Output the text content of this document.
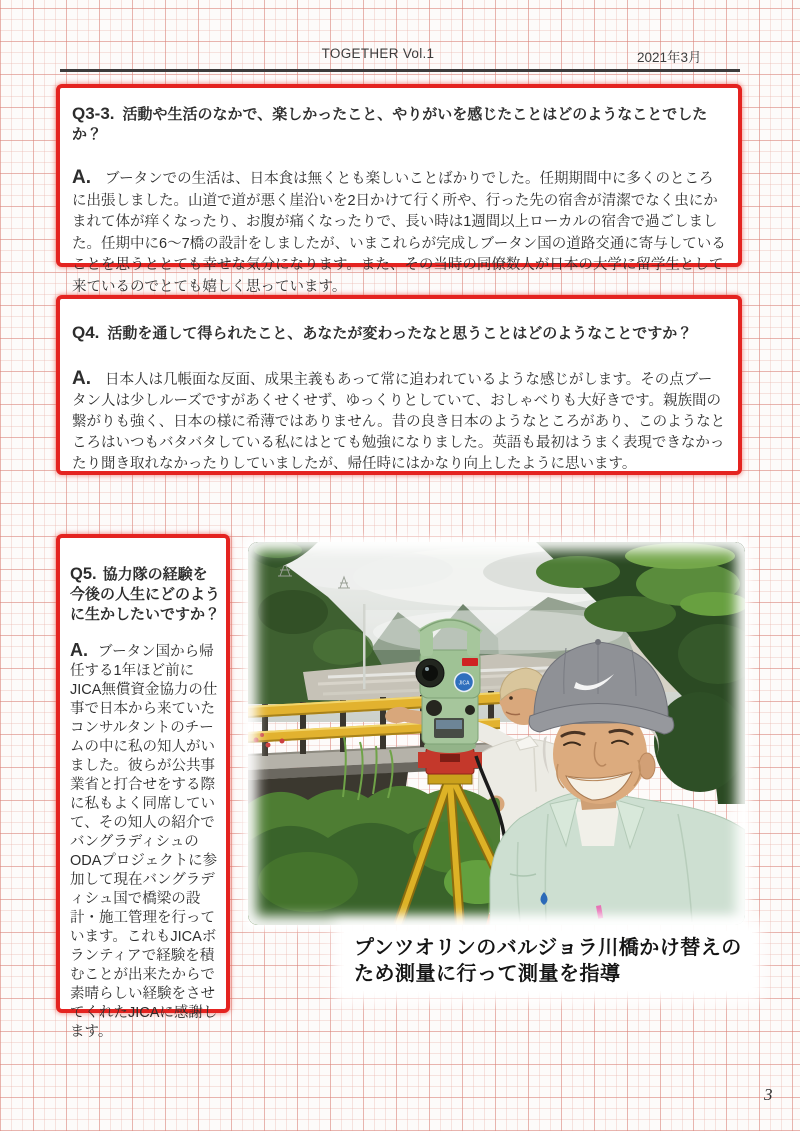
TOGETHER Vol.1	2021年3月

Q3-3. 活動や生活のなかで、楽しかったこと、やりがいを感じたことはどのようなことでしたか？

A. ブータンでの生活は、日本食は無くとも楽しいことばかりでした。任期期間中に多くのところに出張しました。山道で道が悪く崖沿いを2日かけて行く所や、行った先の宿舎が清潔でなく虫にかまれて体が痒くなったり、お腹が痛くなったりで、長い時は1週間以上ローカルの宿舎で過ごしました。任期中に6～7橋の設計をしましたが、いまこれらが完成しブータン国の道路交通に寄与していることを思うととても幸せな気分になります。また、その当時の同僚数人が日本の大学に留学生として来ているのでとても嬉しく思っています。

Q4. 活動を通して得られたこと、あなたが変わったなと思うことはどのようなことですか？

A. 日本人は几帳面な反面、成果主義もあって常に追われているような感じがします。その点ブータン人は少しルーズですがあくせくせず、ゆっくりとしていて、おしゃべりも大好きです。親族間の繋がりも強く、日本の様に希薄ではありません。昔の良き日本のようなところがあり、このようなところはいつもバタバタしている私にはとても勉強になりました。英語も最初はうまく表現できなかったり聞き取れなかったりしていましたが、帰任時にはかなり向上したように思います。

Q5. 協力隊の経験を今後の人生にどのように生かしたいですか？

A. ブータン国から帰任する1年ほど前にJICA無償資金協力の仕事で日本から来ていたコンサルタントのチームの中に私の知人がいました。彼らが公共事業省と打合せをする際に私もよく同席していて、その知人の紹介でバングラディシュのODAプロジェクトに参加して現在バングラディシュ国で橋梁の設計・施工管理を行っています。これもJICAボランティアで経験を積むことが出来たからで素晴らしい経験をさせてくれたJICAに感謝します。

JICA
プンツオリンのバルジョラ川橋かけ替えの
ため測量に行って測量を指導
3
